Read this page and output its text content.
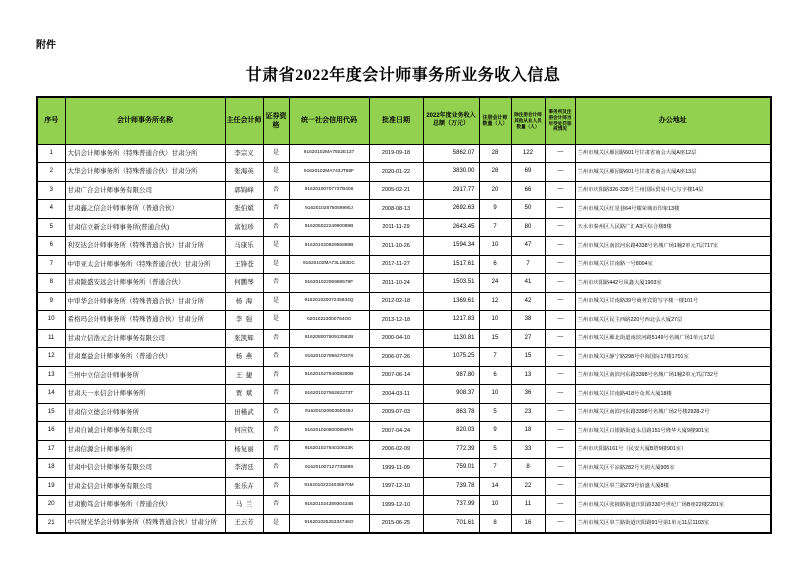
附件
甘肃省2022年度会计师事务所业务收入信息
序号	会计师事务所名称	主任会计师	证券资格	统一社会信用代码	批准日期	2022年度业务收入总额（万元）	注册会计师数量（人）	除注册会计师其他从业人员数量（人）	事务所及注册会计师当年受处罚惩戒情况	办公地址
1	大信会计师事务所（特殊普通合伙）甘肃分所	李宗义	是	91620102MA7502E137	2019-09-18	5862.07	28	122	-----	兰州市城关区雁园路601号甘肃省商会大厦A座12层
2	大华会计师事务所（特殊普通合伙）甘肃分所	张海英	是	91620102MA743JT86F	2020-01-22	3830.00	28	69	-----	兰州市城关区雁园路601号甘肃省商会大厦A座13层
3	甘肃广合会计师事务有限公司	郭锦峰	否	91620100707737B406	2005-02-21	2917.77	20	66	-----	兰州市庆阳路326-328号兰州国际贸易中心写字楼14层
4	甘肃鑫之信会计师事务所（普通合伙）	张伯斌	否	91620102675059990J	2008-08-13	2692.63	9	50	-----	兰州市城关区红星巷64号耀荣城市印象13楼
5	甘肃信立新会计师事务所(普通合伙)	富恒珍	否	91620502224990089B	2011-11-29	2643.45	7	80	-----	天水市秦州区人民路广汇A3区综合楼8楼
6	利安达会计师事务所（特殊普通合伙）甘肃分所	马康乐	是	91620102092955868B	2011-10-26	1594.34	10	47	-----	兰州市城关区南滨河东路4338号名城广场1幢2单元7层717室
7	中审亚太会计师事务所（特殊普通合伙）甘肃分所	王锋苍	是	91620102MA73L1B3DC	2017-11-27	1517.61	6	7	-----	兰州市城关区甘南路一号8004室
8	甘肃陇盛安远会计师事务所（普通合伙）	何鹏琴	否	91620102295989579F	2011-10-24	1503.51	24	41	-----	兰州市庆阳路442号凤鑫大厦1903室
9	中审华会计师事务所（特殊普通合伙）甘肃分所	杨  海	是	91620102007245934Q	2012-02-18	1369.61	12	42	-----	兰州市城关区甘南路39号商务宾馆写字楼一楼101号
10	希格玛会计师事务所（特殊普通合伙）甘肃分所	李  强	是	62010223000764O0	2013-12-18	1217.83	10	38	-----	兰州市城关区民主西路220号西北弘大厦27层
11	甘肃立信浩元会计师事务有限公司	张凯辉	否	91620800750913582B	2000-04-10	1130.81	15	27	-----	兰州市城关区雁北街道南滨河路5149号名城广场1单元17层
12	甘肃嘉益会计师事务所（普通合伙）	杨  燕	否	916201027896270378	2006-07-26	1075.25	7	15	-----	兰州市城关区静宁路298号中海国际17楼1701室
13	兰州中立信会计师事务所	王  捷	否	91620102794008280B	2007-06-14	987.80	6	13	-----	兰州市城关区南滨河东路3398号名城广场1幢2单元7层732号
14	甘肃天一永信会计师事务所	贾  斌	否	91620102756262273T	2004-03-11	908.37	10	36	-----	兰州市城关区甘南路418号众邦大厦18楼
15	甘肃信立德会计师事务所	田槿武	否	91620102090350049J	2009-07-03	863.78	5	23	-----	兰州市城关区南滨河东路3398号名城广场2号楼2928-2号
16	甘肃自诚会计师事务有限公司	何应钦	否	916201020800085IRN	2007-04-24	820.03	9	18	-----	兰州市城关区白银路街道永昌路151号隆华大厦9楼901室
17	甘肃信源会计师事务所	杨复丽	否	91620102784010613K	2006-02-09	772.39	5	33	-----	兰州市庆阳路161号（民安大厦B塔9楼901室）
18	甘肃中信会计师事务有限公司	李清廷	否	916201007127735898	1999-11-09	759.01	7	8	-----	兰州市城关区平凉路282号天润大厦905室
19	甘肃金信会计师事务有限公司	张乐卉	否	91620102224038570M	1997-12-10	739.78	14	22	-----	兰州市城关区皋兰路279号佰盛大厦8楼
20	甘肃勤笃会计师事务所（普通合伙）	马  兰	否	91620102438930434B	1999-12-10	737.99	10	11	-----	兰州市城关区张掖路街道庆阳路330号世纪广场B座22楼2201室
21	中兴财光华会计师事务所（特殊普通合伙）甘肃分所	王云芳	是	91620102525334746O	2015-06-25	701.61	8	16	-----	兰州市城关区皋兰路街道庆阳路91号第1单元11层1103室
